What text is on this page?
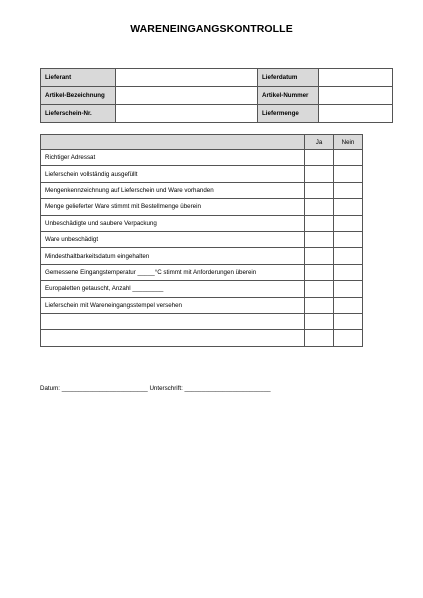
WARENEINGANGSKONTROLLE
Lieferant		Lieferdatum	
Artikel-Bezeichnung		Artikel-Nummer	
Lieferschein-Nr.		Liefermenge	
	Ja	Nein
Richtiger Adressat		
Lieferschein vollständig ausgefüllt		
Mengenkennzeichnung auf Lieferschein und Ware vorhanden		
Menge gelieferter Ware stimmt mit Bestellmenge überein		
Unbeschädigte und saubere Verpackung		
Ware unbeschädigt		
Mindesthaltbarkeitsdatum eingehalten		
Gemessene Eingangstemperatur _____°C stimmt mit Anforderungen überein		
Europaletten getauscht, Anzahl _________		
Lieferschein mit Wareneingangsstempel versehen		

Datum: _________________________ Unterschrift: _________________________
